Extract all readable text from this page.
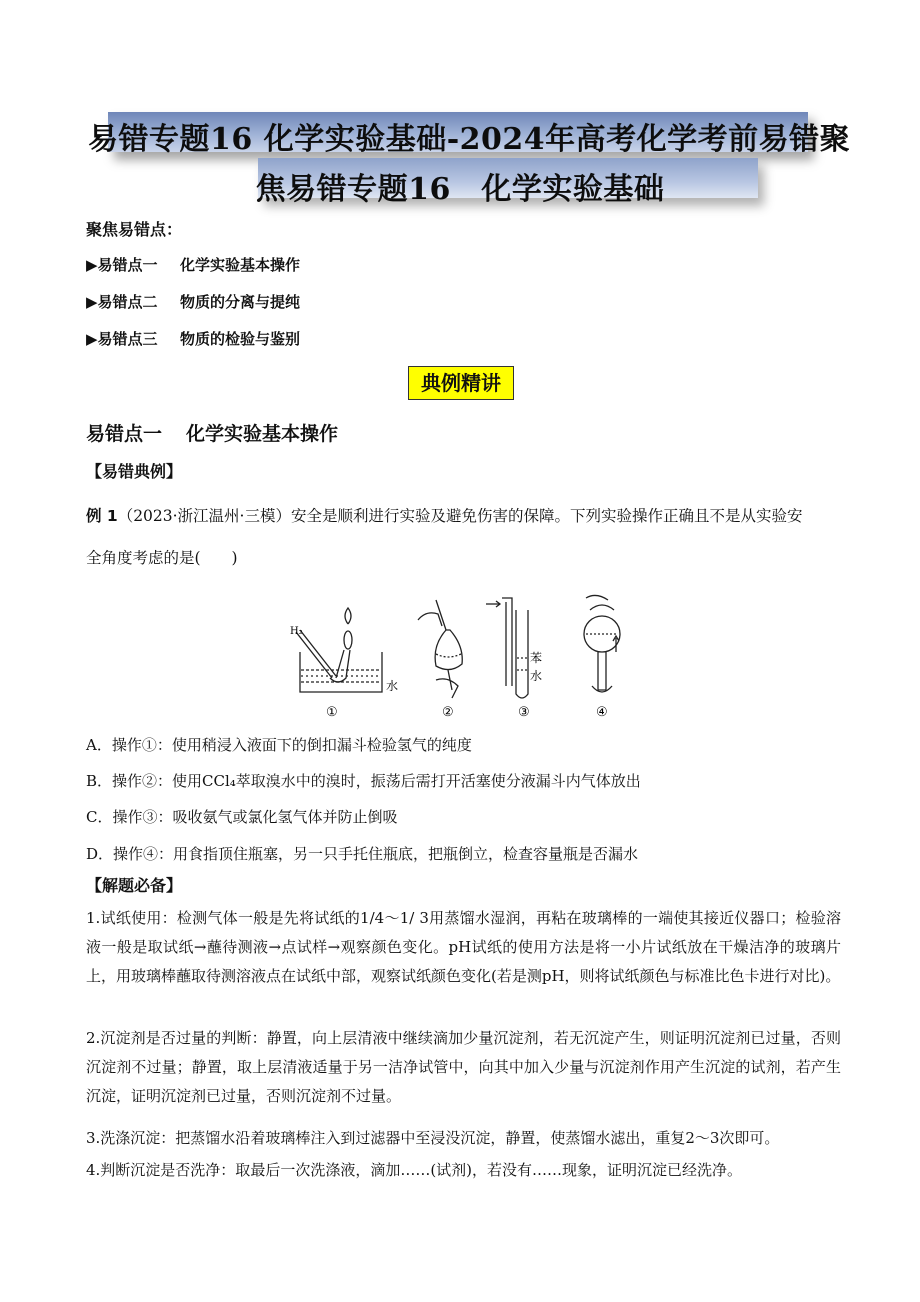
易错专题16 化学实验基础-2024年高考化学考前易错聚
焦易错专题16　化学实验基础
聚焦易错点：
▶易错点一 化学实验基本操作
▶易错点二 物质的分离与提纯
▶易错点三 物质的检验与鉴别
典例精讲
易错点一 化学实验基本操作
【易错典例】
例 1（2023·浙江温州·三模）安全是顺利进行实验及避免伤害的保障。下列实验操作正确且不是从实验安
全角度考虑的是(　　)
H₂
水
苯
水
①	②	③	④
A．操作①：使用稍浸入液面下的倒扣漏斗检验氢气的纯度
B．操作②：使用CCl₄萃取溴水中的溴时，振荡后需打开活塞使分液漏斗内气体放出
C．操作③：吸收氨气或氯化氢气体并防止倒吸
D．操作④：用食指顶住瓶塞，另一只手托住瓶底，把瓶倒立，检查容量瓶是否漏水
【解题必备】
1.试纸使用：检测气体一般是先将试纸的1/4～1/ 3用蒸馏水湿润，再粘在玻璃棒的一端使其接近仪器口；检验溶液一般是取试纸→蘸待测液→点试样→观察颜色变化。pH试纸的使用方法是将一小片试纸放在干燥洁净的玻璃片上，用玻璃棒蘸取待测溶液点在试纸中部，观察试纸颜色变化(若是测pH，则将试纸颜色与标准比色卡进行对比)。
2.沉淀剂是否过量的判断：静置，向上层清液中继续滴加少量沉淀剂，若无沉淀产生，则证明沉淀剂已过量，否则沉淀剂不过量；静置，取上层清液适量于另一洁净试管中，向其中加入少量与沉淀剂作用产生沉淀的试剂，若产生沉淀，证明沉淀剂已过量，否则沉淀剂不过量。
3.洗涤沉淀：把蒸馏水沿着玻璃棒注入到过滤器中至浸没沉淀，静置，使蒸馏水滤出，重复2～3次即可。
4.判断沉淀是否洗净：取最后一次洗涤液，滴加……(试剂)，若没有……现象，证明沉淀已经洗净。
